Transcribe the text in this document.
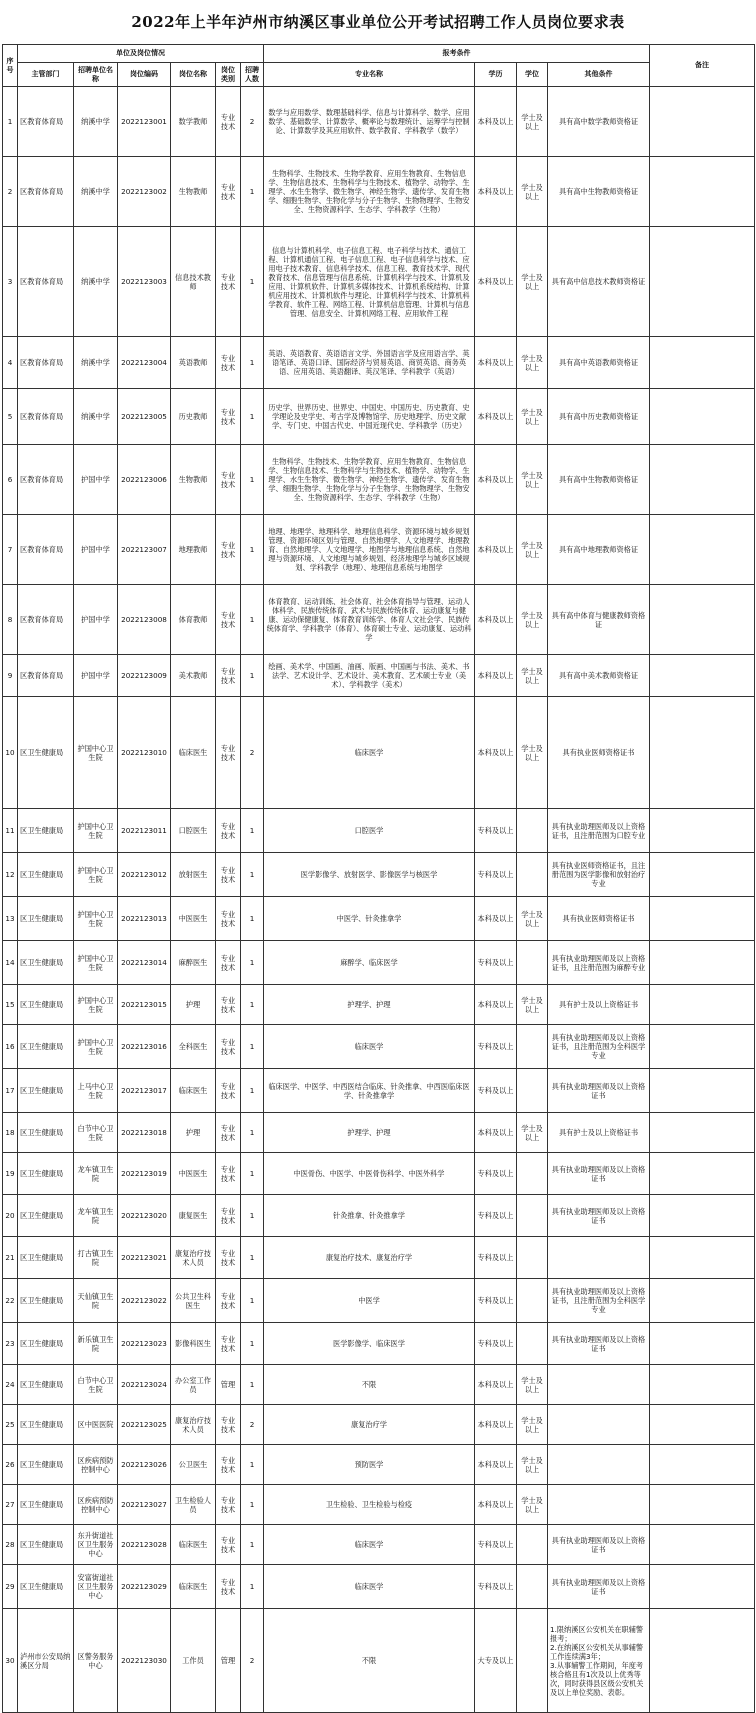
2022年上半年泸州市纳溪区事业单位公开考试招聘工作人员岗位要求表
序号	单位及岗位情况						报考条件				备注
	主管部门	招聘单位名称	岗位编码	岗位名称	岗位类别	招聘人数	专业名称	学历	学位	其他条件	
1	区教育体育局	纳溪中学	2022123001	数学教师	专业技术	2	数学与应用数学、数理基础科学、信息与计算科学、数学、应用数学、基础数学、计算数学、概率论与数理统计、运筹学与控制论、计算数学及其应用软件、数学教育、学科教学（数学）	本科及以上	学士及以上	具有高中数学教师资格证	
2	区教育体育局	纳溪中学	2022123002	生物教师	专业技术	1	生物科学、生物技术、生物学教育、应用生物教育、生物信息学、生物信息技术、生物科学与生物技术、植物学、动物学、生理学、水生生物学、微生物学、神经生物学、遗传学、发育生物学、细胞生物学、生物化学与分子生物学、生物物理学、生物安全、生物资源科学、生态学、学科教学（生物）	本科及以上	学士及以上	具有高中生物教师资格证	
3	区教育体育局	纳溪中学	2022123003	信息技术教师	专业技术	1	信息与计算机科学、电子信息工程、电子科学与技术、通信工程、计算机通信工程、电子信息工程、电子信息科学与技术、应用电子技术教育、信息科学技术、信息工程、教育技术学、现代教育技术、信息管理与信息系统、计算机科学与技术、计算机及应用、计算机软件、计算机多媒体技术、计算机系统结构、计算机应用技术、计算机软件与理论、计算机科学与技术、计算机科学教育、软件工程、网络工程、计算机信息管理、计算机与信息管理、信息安全、计算机网络工程、应用软件工程	本科及以上	学士及以上	具有高中信息技术教师资格证	
4	区教育体育局	纳溪中学	2022123004	英语教师	专业技术	1	英语、英语教育、英语语言文学、外国语言学及应用语言学、英语笔译、英语口译、国际经济与贸易英语、商贸英语、商务英语、应用英语、英语翻译、英汉笔译、学科教学（英语）	本科及以上	学士及以上	具有高中英语教师资格证	
5	区教育体育局	纳溪中学	2022123005	历史教师	专业技术	1	历史学、世界历史、世界史、中国史、中国历史、历史教育、史学理论及史学史、考古学及博物馆学、历史地理学、历史文献学、专门史、中国古代史、中国近现代史、学科教学（历史）	本科及以上	学士及以上	具有高中历史教师资格证	
6	区教育体育局	护国中学	2022123006	生物教师	专业技术	1	生物科学、生物技术、生物学教育、应用生物教育、生物信息学、生物信息技术、生物科学与生物技术、植物学、动物学、生理学、水生生物学、微生物学、神经生物学、遗传学、发育生物学、细胞生物学、生物化学与分子生物学、生物物理学、生物安全、生物资源科学、生态学、学科教学（生物）	本科及以上	学士及以上	具有高中生物教师资格证	
7	区教育体育局	护国中学	2022123007	地理教师	专业技术	1	地理、地理学、地理科学、地理信息科学、资源环境与城乡规划管理、资源环境区划与管理、自然地理学、人文地理学、地理教育、自然地理学、人文地理学、地图学与地理信息系统、自然地理与资源环境、人文地理与城乡规划、经济地理学与城乡区域规划、学科教学（地理）、地理信息系统与地图学	本科及以上	学士及以上	具有高中地理教师资格证	
8	区教育体育局	护国中学	2022123008	体育教师	专业技术	1	体育教育、运动训练、社会体育、社会体育指导与管理、运动人体科学、民族传统体育、武术与民族传统体育、运动康复与健康、运动保健康复、体育教育训练学、体育人文社会学、民族传统体育学、学科教学（体育）、体育硕士专业、运动康复、运动科学	本科及以上	学士及以上	具有高中体育与健康教师资格证	
9	区教育体育局	护国中学	2022123009	美术教师	专业技术	1	绘画、美术学、中国画、油画、版画、中国画与书法、美术、书法学、艺术设计学、艺术设计、美术教育、艺术硕士专业（美术）、学科教学（美术）	本科及以上	学士及以上	具有高中美术教师资格证	
10	区卫生健康局	护国中心卫生院	2022123010	临床医生	专业技术	2	临床医学	本科及以上	学士及以上	具有执业医师资格证书	
11	区卫生健康局	护国中心卫生院	2022123011	口腔医生	专业技术	1	口腔医学	专科及以上		具有执业助理医师及以上资格证书，且注册范围为口腔专业	
12	区卫生健康局	护国中心卫生院	2022123012	放射医生	专业技术	1	医学影像学、放射医学、影像医学与核医学	专科及以上		具有执业医师资格证书，且注册范围为医学影像和放射治疗专业	
13	区卫生健康局	护国中心卫生院	2022123013	中医医生	专业技术	1	中医学、针灸推拿学	本科及以上	学士及以上	具有执业医师资格证书	
14	区卫生健康局	护国中心卫生院	2022123014	麻醉医生	专业技术	1	麻醉学、临床医学	专科及以上		具有执业助理医师及以上资格证书，且注册范围为麻醉专业	
15	区卫生健康局	护国中心卫生院	2022123015	护理	专业技术	1	护理学、护理	本科及以上	学士及以上	具有护士及以上资格证书	
16	区卫生健康局	护国中心卫生院	2022123016	全科医生	专业技术	1	临床医学	专科及以上		具有执业助理医师及以上资格证书，且注册范围为全科医学专业	
17	区卫生健康局	上马中心卫生院	2022123017	临床医生	专业技术	1	临床医学、中医学、中西医结合临床、针灸推拿、中西医临床医学、针灸推拿学	专科及以上		具有执业助理医师及以上资格证书	
18	区卫生健康局	白节中心卫生院	2022123018	护理	专业技术	1	护理学、护理	本科及以上	学士及以上	具有护士及以上资格证书	
19	区卫生健康局	龙车镇卫生院	2022123019	中医医生	专业技术	1	中医骨伤、中医学、中医骨伤科学、中医外科学	专科及以上		具有执业助理医师及以上资格证书	
20	区卫生健康局	龙车镇卫生院	2022123020	康复医生	专业技术	1	针灸推拿、针灸推拿学	专科及以上		具有执业助理医师及以上资格证书	
21	区卫生健康局	打古镇卫生院	2022123021	康复治疗技术人员	专业技术	1	康复治疗技术、康复治疗学	专科及以上			
22	区卫生健康局	天仙镇卫生院	2022123022	公共卫生科医生	专业技术	1	中医学	专科及以上		具有执业助理医师及以上资格证书，且注册范围为全科医学专业	
23	区卫生健康局	新乐镇卫生院	2022123023	影像科医生	专业技术	1	医学影像学、临床医学	专科及以上		具有执业助理医师及以上资格证书	
24	区卫生健康局	白节中心卫生院	2022123024	办公室工作员	管理	1	不限	本科及以上	学士及以上		
25	区卫生健康局	区中医医院	2022123025	康复治疗技术人员	专业技术	2	康复治疗学	本科及以上	学士及以上		
26	区卫生健康局	区疾病预防控制中心	2022123026	公卫医生	专业技术	1	预防医学	本科及以上	学士及以上		
27	区卫生健康局	区疾病预防控制中心	2022123027	卫生检验人员	专业技术	1	卫生检验、卫生检验与检疫	本科及以上	学士及以上		
28	区卫生健康局	东升街道社区卫生服务中心	2022123028	临床医生	专业技术	1	临床医学	专科及以上		具有执业助理医师及以上资格证书	
29	区卫生健康局	安富街道社区卫生服务中心	2022123029	临床医生	专业技术	1	临床医学	专科及以上		具有执业助理医师及以上资格证书	
30	泸州市公安局纳溪区分局	区警务服务中心	2022123030	工作员	管理	2	不限	大专及以上		1.限纳溪区公安机关在职辅警报考；
2.在纳溪区公安机关从事辅警工作连续满3年；
3.从事辅警工作期间，年度考核合格且有1次及以上优秀等次，同时获得县区级公安机关及以上单位奖励、表彰。	
